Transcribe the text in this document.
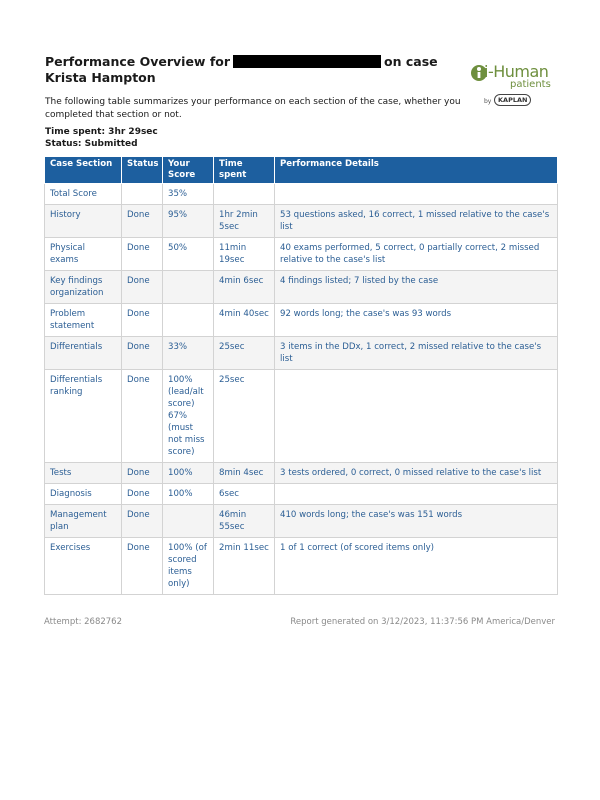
Performance Overview for	on case
Krista Hampton	i-Human
patients
by	KAPLAN
The following table summarizes your performance on each section of the case, whether you completed that section or not.
Time spent: 3hr 29sec
Status: Submitted
Case Section	Status	Your Score	Time spent	Performance Details
Total Score		35%		
History	Done	95%	1hr 2min 5sec	53 questions asked, 16 correct, 1 missed relative to the case's list
Physical exams	Done	50%	11min 19sec	40 exams performed, 5 correct, 0 partially correct, 2 missed relative to the case's list
Key findings organization	Done		4min 6sec	4 findings listed; 7 listed by the case
Problem statement	Done		4min 40sec	92 words long; the case's was 93 words
Differentials	Done	33%	25sec	3 items in the DDx, 1 correct, 2 missed relative to the case's list
Differentials ranking	Done	100% (lead/alt score) 67% (must not miss score)	25sec	
Tests	Done	100%	8min 4sec	3 tests ordered, 0 correct, 0 missed relative to the case's list
Diagnosis	Done	100%	6sec	
Management plan	Done		46min 55sec	410 words long; the case's was 151 words
Exercises	Done	100% (of scored items only)	2min 11sec	1 of 1 correct (of scored items only)
Attempt: 2682762	Report generated on 3/12/2023, 11:37:56 PM America/Denver
